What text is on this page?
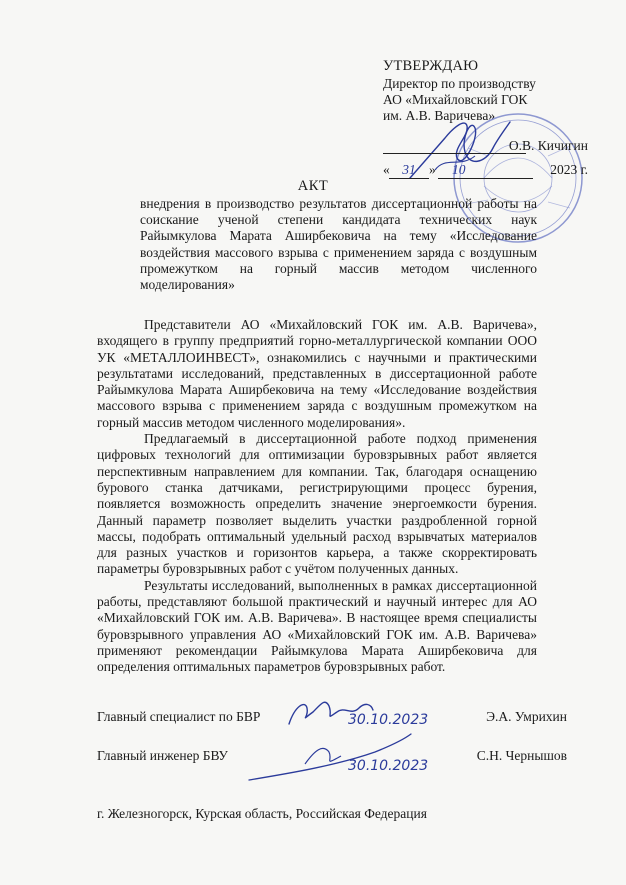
УТВЕРЖДАЮ
Директор по производству
АО «Михайловский ГОК
им. А.В. Варичева»
О.В. Кичигин
« 31 »	10	2023 г.
АКТ
внедрения в производство результатов диссертационной работы на соискание ученой степени кандидата технических наук Райымкулова Марата Аширбековича на тему «Исследование воздействия массового взрыва с применением заряда с воздушным промежутком на горный массив методом численного моделирования»

Представители АО «Михайловский ГОК им. А.В. Варичева», входящего в группу предприятий горно-металлургической компании ООО УК «МЕТАЛЛОИНВЕСТ», ознакомились с научными и практическими результатами исследований, представленных в диссертационной работе Райымкулова Марата Аширбековича на тему «Исследование воздействия массового взрыва с применением заряда с воздушным промежутком на горный массив методом численного моделирования».

Предлагаемый в диссертационной работе подход применения цифровых технологий для оптимизации буровзрывных работ является перспективным направлением для компании. Так, благодаря оснащению бурового станка датчиками, регистрирующими процесс бурения, появляется возможность определить значение энергоемкости бурения. Данный параметр позволяет выделить участки раздробленной горной массы, подобрать оптимальный удельный расход взрывчатых материалов для разных участков и горизонтов карьера, а также скорректировать параметры буровзрывных работ с учётом полученных данных.

Результаты исследований, выполненных в рамках диссертационной работы, представляют большой практический и научный интерес для АО «Михайловский ГОК им. А.В. Варичева». В настоящее время специалисты буровзрывного управления АО «Михайловский ГОК им. А.В. Варичева» применяют рекомендации Райымкулова Марата Аширбековича для определения оптимальных параметров буровзрывных работ.

Главный специалист по БВР	Э.А. Умрихин
30.10.2023
Главный инженер БВУ	С.Н. Чернышов
30.10.2023
г. Железногорск, Курская область, Российская Федерация
